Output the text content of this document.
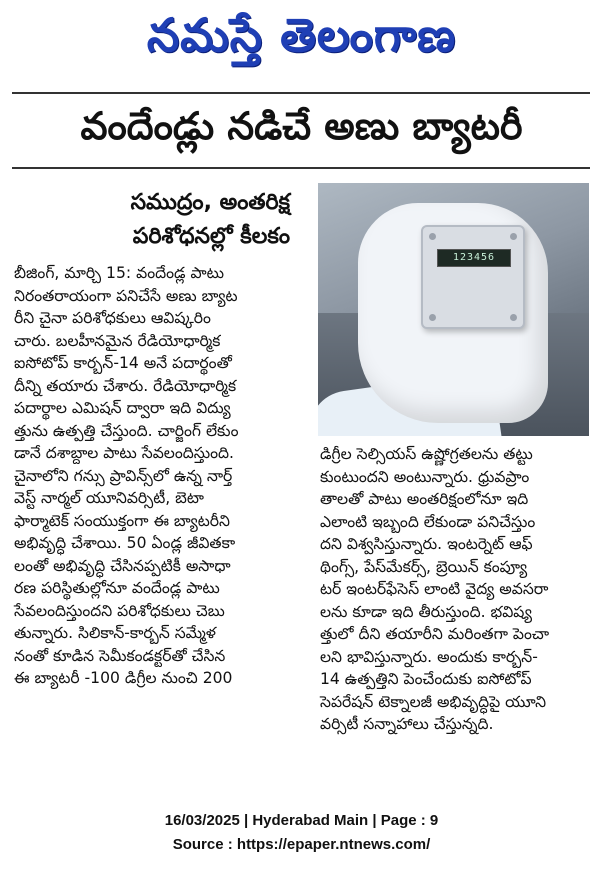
నమస్తే తెలంగాణ
వందేండ్లు నడిచే అణు బ్యాటరీ
సముద్రం, అంతరిక్ష
పరిశోధనల్లో కీలకం
123456
బీజింగ్, మార్చి 15: వందేండ్ల పాటు
నిరంతరాయంగా పనిచేసే అణు బ్యాట
రీని చైనా పరిశోధకులు ఆవిష్కరిం
చారు. బలహీనమైన రేడియోధార్మిక
ఐసోటోప్ కార్బన్-14 అనే పదార్థంతో
దీన్ని తయారు చేశారు. రేడియోధార్మిక
పదార్థాల ఎమిషన్ ద్వారా ఇది విద్యు
త్తును ఉత్పత్తి చేస్తుంది. చార్జింగ్ లేకుం
డానే దశాబ్దాల పాటు సేవలందిస్తుంది.
చైనాలోని గన్సు ప్రావిన్స్‌లో ఉన్న నార్త్
వెస్ట్ నార్మల్ యూనివర్సిటీ, బెటా
ఫార్మాటెక్ సంయుక్తంగా ఈ బ్యాటరీని
అభివృద్ధి చేశాయి. 50 ఏండ్ల జీవితకా
లంతో అభివృద్ధి చేసినప్పటికీ అసాధా
రణ పరిస్థితుల్లోనూ వందేండ్ల పాటు
సేవలందిస్తుందని పరిశోధకులు చెబు
తున్నారు. సిలికాన్-కార్బన్ సమ్మేళ
నంతో కూడిన సెమీకండక్టర్‌తో చేసిన
ఈ బ్యాటరీ -100 డిగ్రీల నుంచి 200
డిగ్రీల సెల్సియస్ ఉష్ణోగ్రతలను తట్టు
కుంటుందని అంటున్నారు. ధ్రువప్రాం
తాలతో పాటు అంతరిక్షంలోనూ ఇది
ఎలాంటి ఇబ్బంది లేకుండా పనిచేస్తుం
దని విశ్వసిస్తున్నారు. ఇంటర్నెట్ ఆఫ్
థింగ్స్, పేస్‌మేకర్స్, బ్రెయిన్ కంప్యూ
టర్ ఇంటర్‌ఫేసెస్ లాంటి వైద్య అవసరా
లను కూడా ఇది తీరుస్తుంది. భవిష్య
త్తులో దీని తయారీని మరింతగా పెంచా
లని భావిస్తున్నారు. అందుకు కార్బన్-
14 ఉత్పత్తిని పెంచేందుకు ఐసోటోప్
సెపరేషన్ టెక్నాలజీ అభివృద్ధిపై యూని
వర్సిటీ సన్నాహాలు చేస్తున్నది.
16/03/2025 | Hyderabad Main | Page : 9
Source : https://epaper.ntnews.com/
